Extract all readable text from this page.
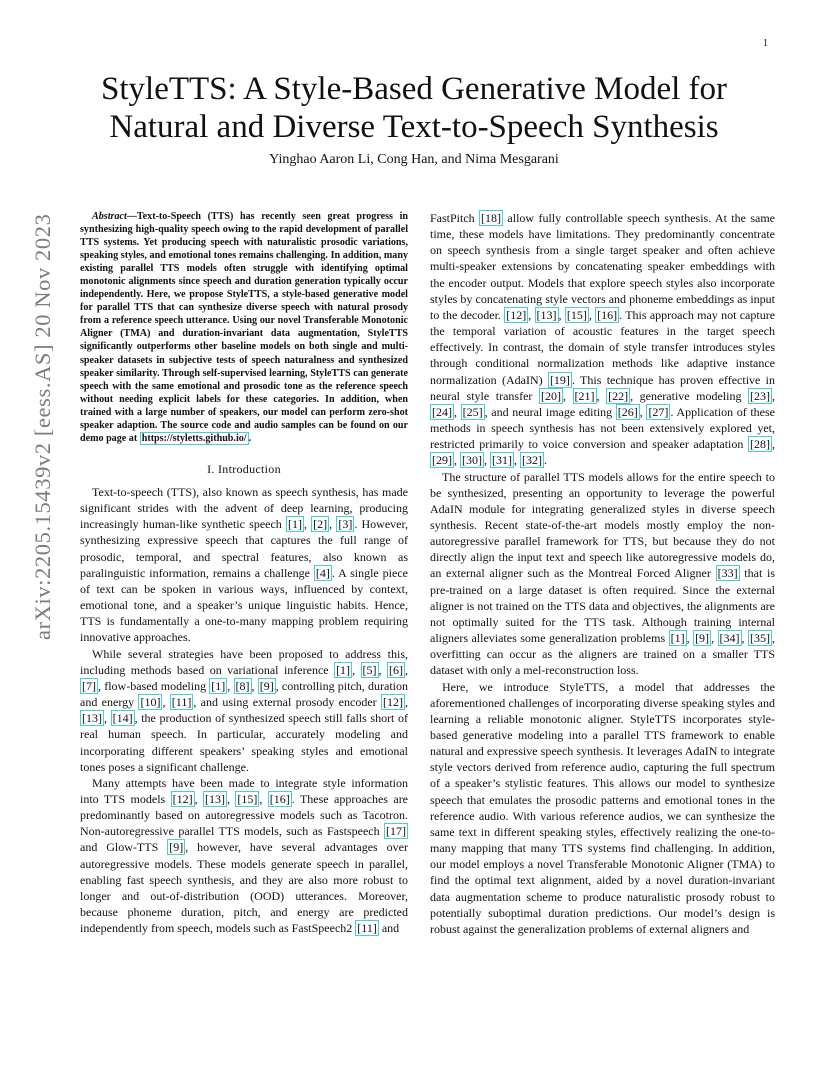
1
arXiv:2205.15439v2 [eess.AS] 20 Nov 2023
StyleTTS: A Style-Based Generative Model for Natural and Diverse Text-to-Speech Synthesis
Yinghao Aaron Li, Cong Han, and Nima Mesgarani

Abstract—Text-to-Speech (TTS) has recently seen great progress in synthesizing high-quality speech owing to the rapid development of parallel TTS systems. Yet producing speech with naturalistic prosodic variations, speaking styles, and emotional tones remains challenging. In addition, many existing parallel TTS models often struggle with identifying optimal monotonic alignments since speech and duration generation typically occur independently. Here, we propose StyleTTS, a style-based generative model for parallel TTS that can synthesize diverse speech with natural prosody from a reference speech utterance. Using our novel Transferable Monotonic Aligner (TMA) and duration-invariant data augmentation, StyleTTS significantly outperforms other baseline models on both single and multi-speaker datasets in subjective tests of speech naturalness and synthesized speaker similarity. Through self-supervised learning, StyleTTS can generate speech with the same emotional and prosodic tone as the reference speech without needing explicit labels for these categories. In addition, when trained with a large number of speakers, our model can perform zero-shot speaker adaption. The source code and audio samples can be found on our demo page at https://styletts.github.io/ .

I. Introduction

Text-to-speech (TTS), also known as speech synthesis, has made significant strides with the advent of deep learning, producing increasingly human-like synthetic speech [1] , [2] , [3] . However, synthesizing expressive speech that captures the full range of prosodic, temporal, and spectral features, also known as paralinguistic information, remains a challenge [4] . A single piece of text can be spoken in various ways, influenced by context, emotional tone, and a speaker’s unique linguistic habits. Hence, TTS is fundamentally a one-to-many mapping problem requiring innovative approaches.

While several strategies have been proposed to address this, including methods based on variational inference [1] , [5] , [6] , [7] , flow-based modeling [1] , [8] , [9] , controlling pitch, duration and energy [10] , [11] , and using external prosody encoder [12] , [13] , [14] , the production of synthesized speech still falls short of real human speech. In particular, accurately modeling and incorporating different speakers’ speaking styles and emotional tones poses a significant challenge.

Many attempts have been made to integrate style information into TTS models [12] , [13] , [15] , [16] . These approaches are predominantly based on autoregressive models such as Tacotron. Non-autoregressive parallel TTS models, such as Fastspeech [17] and Glow-TTS [9] , however, have several advantages over autoregressive models. These models generate speech in parallel, enabling fast speech synthesis, and they are also more robust to longer and out-of-distribution (OOD) utterances. Moreover, because phoneme duration, pitch, and energy are predicted independently from speech, models such as FastSpeech2 [11] and

FastPitch [18] allow fully controllable speech synthesis. At the same time, these models have limitations. They predominantly concentrate on speech synthesis from a single target speaker and often achieve multi-speaker extensions by concatenating speaker embeddings with the encoder output. Models that explore speech styles also incorporate styles by concatenating style vectors and phoneme embeddings as input to the decoder. [12] , [13] , [15] , [16] . This approach may not capture the temporal variation of acoustic features in the target speech effectively. In contrast, the domain of style transfer introduces styles through conditional normalization methods like adaptive instance normalization (AdaIN) [19] . This technique has proven effective in neural style transfer [20] , [21] , [22] , generative modeling [23] , [24] , [25] , and neural image editing [26] , [27] . Application of these methods in speech synthesis has not been extensively explored yet, restricted primarily to voice conversion and speaker adaptation [28] , [29] , [30] , [31] , [32] .

The structure of parallel TTS models allows for the entire speech to be synthesized, presenting an opportunity to leverage the powerful AdaIN module for integrating generalized styles in diverse speech synthesis. Recent state-of-the-art models mostly employ the non-autoregressive parallel framework for TTS, but because they do not directly align the input text and speech like autoregressive models do, an external aligner such as the Montreal Forced Aligner [33] that is pre-trained on a large dataset is often required. Since the external aligner is not trained on the TTS data and objectives, the alignments are not optimally suited for the TTS task. Although training internal aligners alleviates some generalization problems [1] , [9] , [34] , [35] , overfitting can occur as the aligners are trained on a smaller TTS dataset with only a mel-reconstruction loss.

Here, we introduce StyleTTS, a model that addresses the aforementioned challenges of incorporating diverse speaking styles and learning a reliable monotonic aligner. StyleTTS incorporates style-based generative modeling into a parallel TTS framework to enable natural and expressive speech synthesis. It leverages AdaIN to integrate style vectors derived from reference audio, capturing the full spectrum of a speaker’s stylistic features. This allows our model to synthesize speech that emulates the prosodic patterns and emotional tones in the reference audio. With various reference audios, we can synthesize the same text in different speaking styles, effectively realizing the one-to-many mapping that many TTS systems find challenging. In addition, our model employs a novel Transferable Monotonic Aligner (TMA) to find the optimal text alignment, aided by a novel duration-invariant data augmentation scheme to produce naturalistic prosody robust to potentially suboptimal duration predictions. Our model’s design is robust against the generalization problems of external aligners and
